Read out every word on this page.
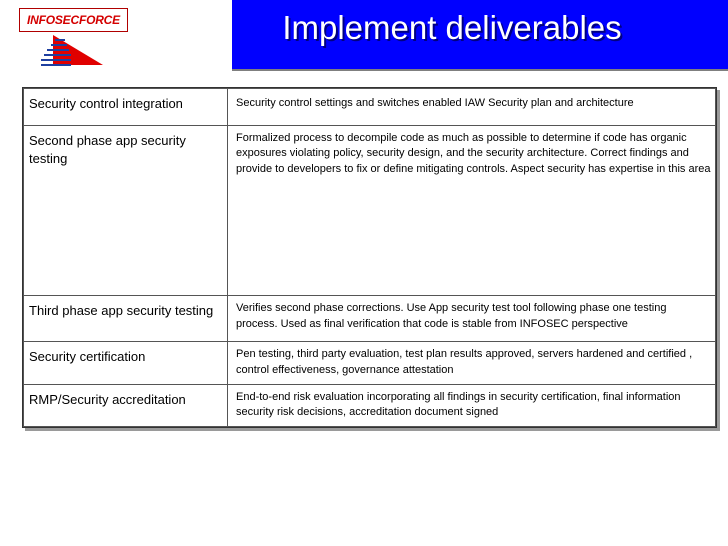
INFOSECFORCE	Implement deliverables
Security control integration	Security control settings and switches enabled IAW Security plan and architecture
Second phase app security testing	Formalized process to decompile code as much as possible to determine if code has organic exposures violating policy, security design, and the security architecture. Correct findings and provide to developers to fix or define mitigating controls. Aspect security has expertise in this area
Third phase app security testing	Verifies second phase corrections. Use App security test tool following phase one testing process. Used as final verification that code is stable from INFOSEC perspective
Security certification	Pen testing, third party evaluation, test plan results approved, servers hardened and certified , control effectiveness, governance attestation
RMP/Security accreditation	End-to-end risk evaluation incorporating all findings in security certification, final information security risk decisions, accreditation document signed
